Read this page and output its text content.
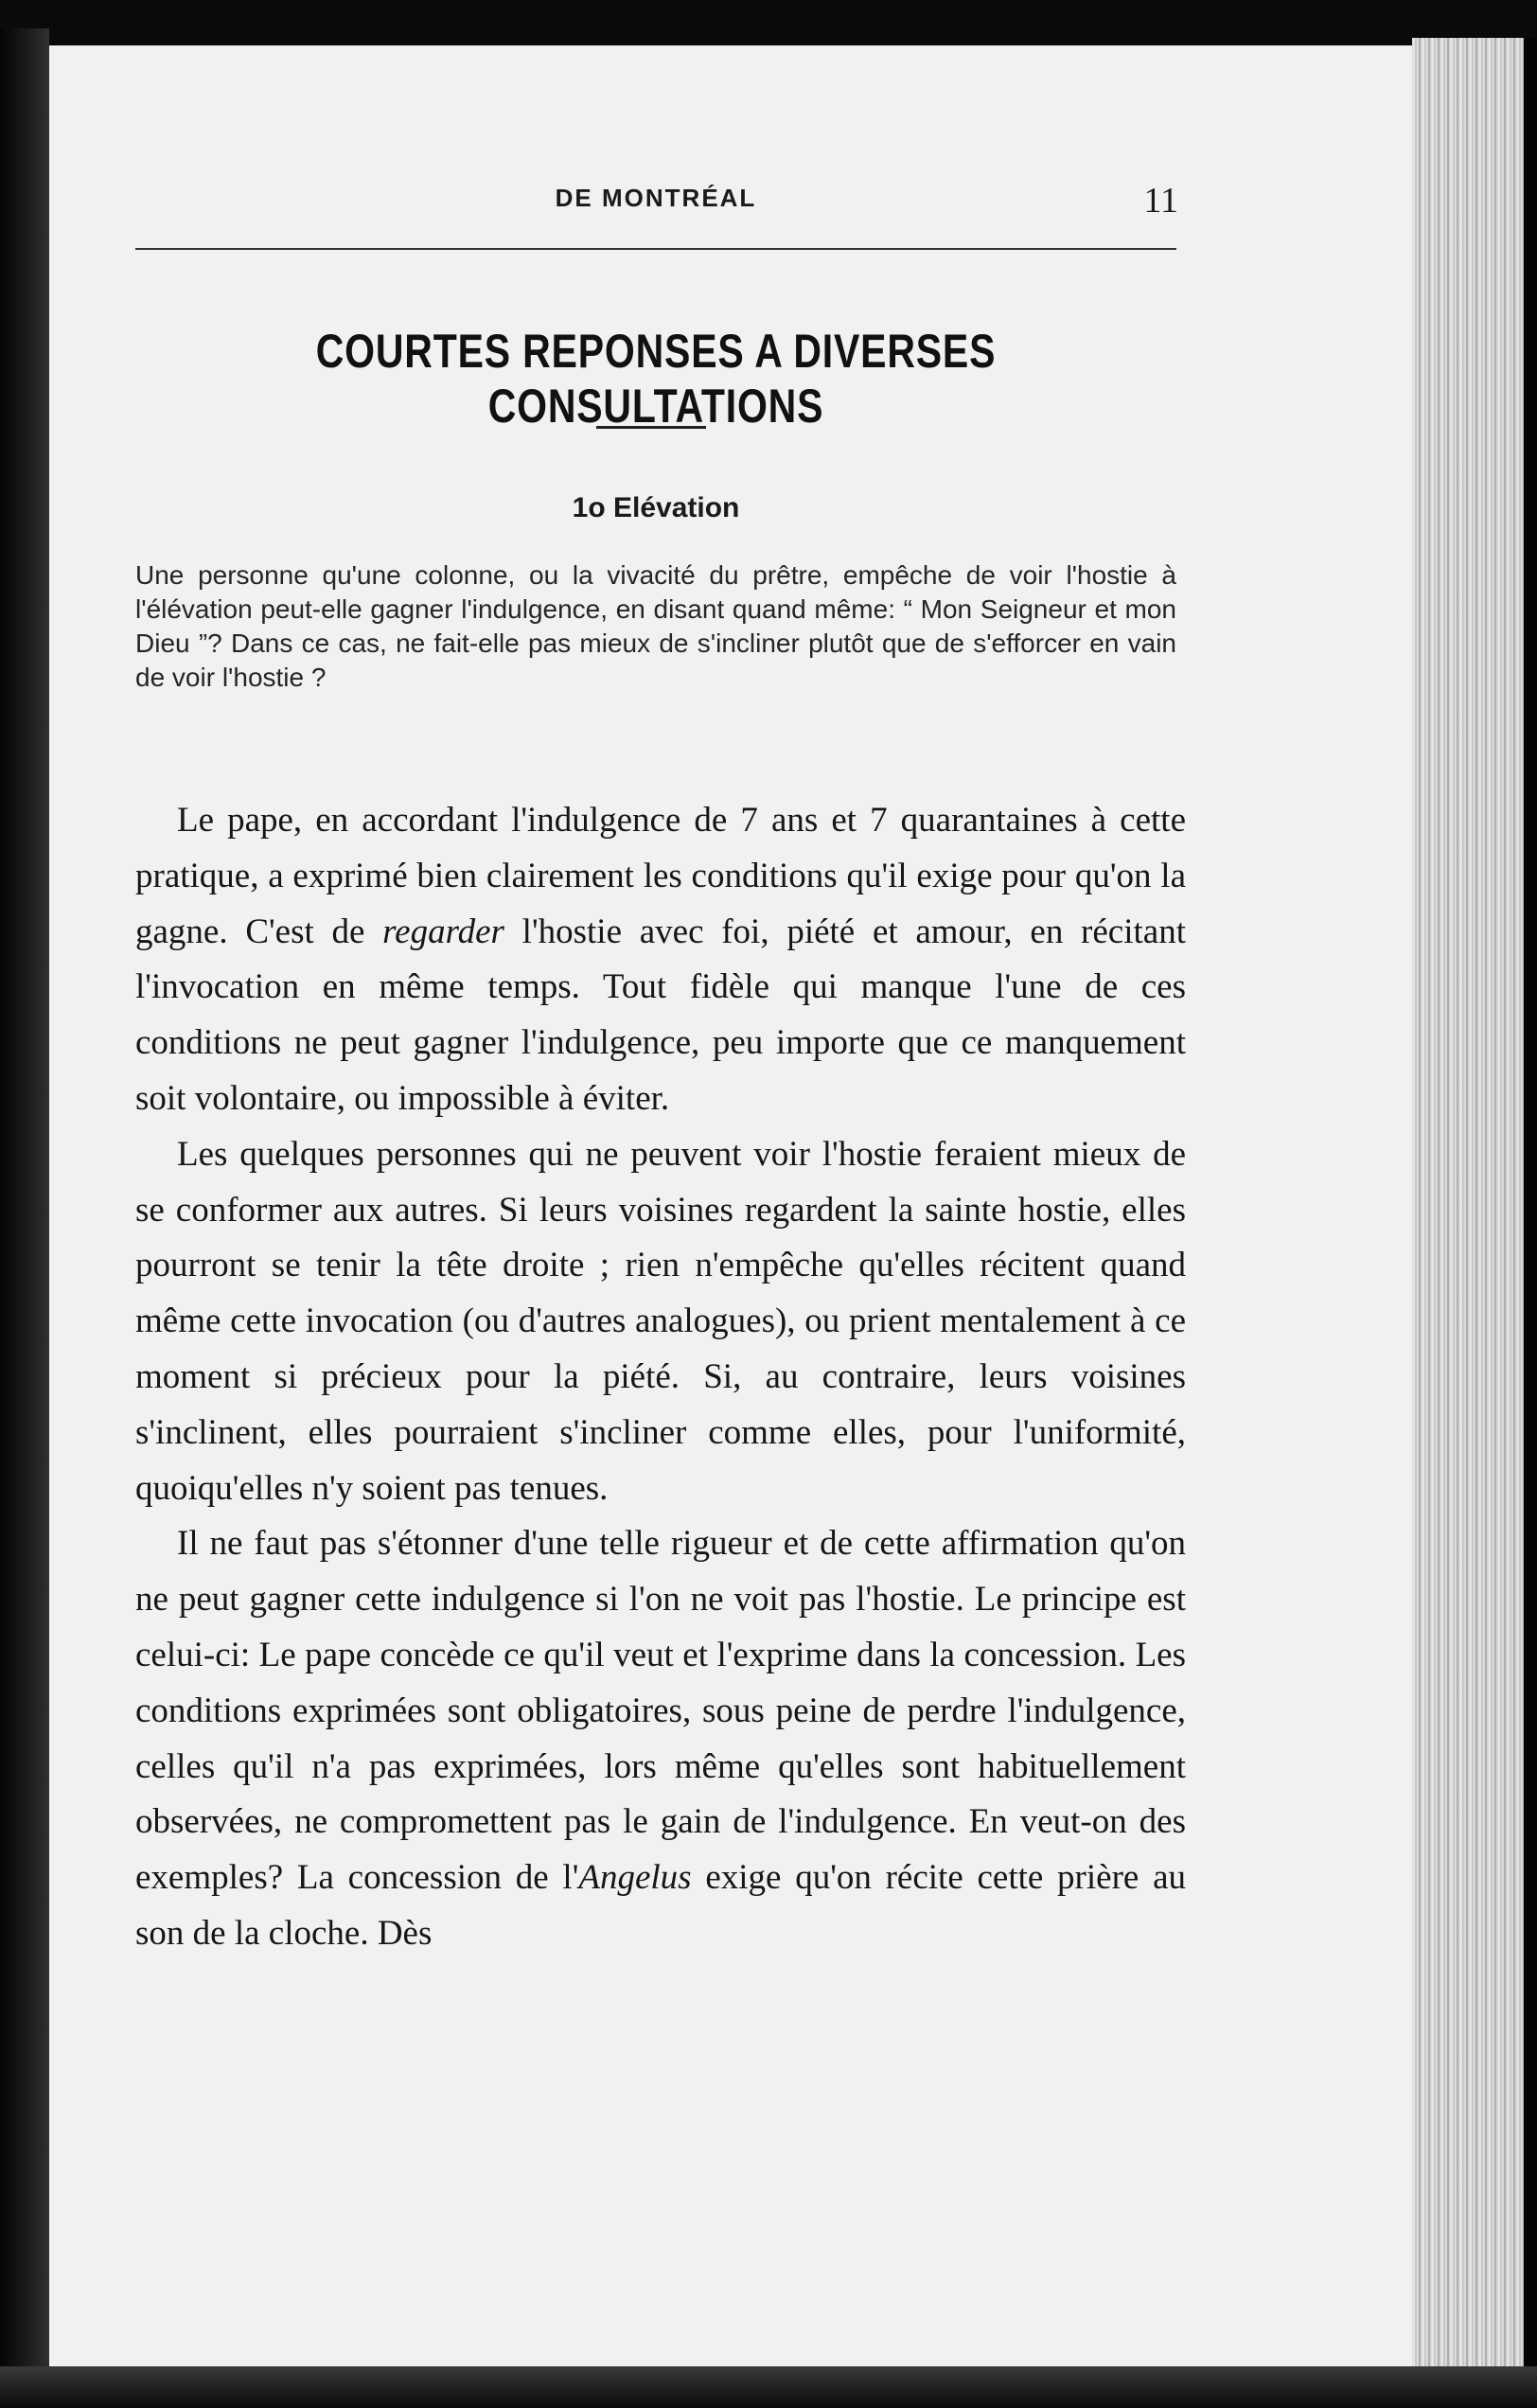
DE MONTRÉAL	11
COURTES REPONSES A DIVERSES CONSULTATIONS
1o Elévation
Une personne qu'une colonne, ou la vivacité du prêtre, empêche de voir l'hostie à l'élévation peut-elle gagner l'indulgence, en disant quand même: “ Mon Seigneur et mon Dieu ”? Dans ce cas, ne fait-elle pas mieux de s'incliner plutôt que de s'efforcer en vain de voir l'hostie ?

Le pape, en accordant l'indulgence de 7 ans et 7 quarantaines à cette pratique, a exprimé bien clairement les conditions qu'il exige pour qu'on la gagne. C'est de regarder l'hostie avec foi, piété et amour, en récitant l'invocation en même temps. Tout fidèle qui manque l'une de ces conditions ne peut gagner l'indulgence, peu importe que ce manquement soit volontaire, ou impossible à éviter.

Les quelques personnes qui ne peuvent voir l'hostie feraient mieux de se conformer aux autres. Si leurs voisines regardent la sainte hostie, elles pourront se tenir la tête droite ; rien n'empêche qu'elles récitent quand même cette invocation (ou d'autres analogues), ou prient mentalement à ce moment si précieux pour la piété. Si, au contraire, leurs voisines s'inclinent, elles pourraient s'incliner comme elles, pour l'uniformité, quoiqu'elles n'y soient pas tenues.

Il ne faut pas s'étonner d'une telle rigueur et de cette affirmation qu'on ne peut gagner cette indulgence si l'on ne voit pas l'hostie. Le principe est celui-ci: Le pape concède ce qu'il veut et l'exprime dans la concession. Les conditions exprimées sont obligatoires, sous peine de perdre l'indulgence, celles qu'il n'a pas exprimées, lors même qu'elles sont habituellement observées, ne compromettent pas le gain de l'indulgence. En veut-on des exemples? La concession de l'Angelus exige qu'on récite cette prière au son de la cloche. Dès
